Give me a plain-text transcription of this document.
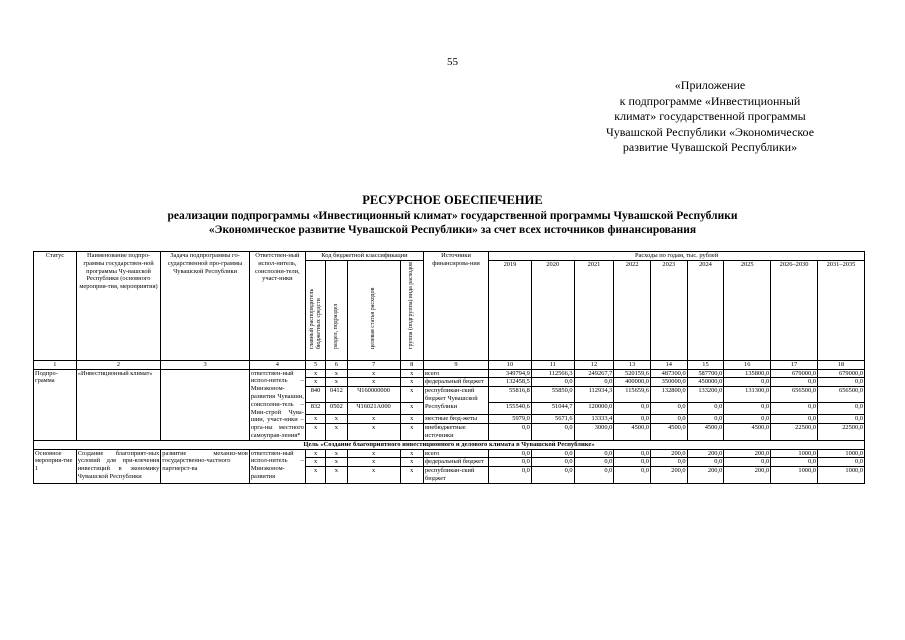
55
«Приложение
к подпрограмме «Инвестиционный
климат» государственной программы
Чувашской Республики «Экономическое
развитие Чувашской Республики»
РЕСУРСНОЕ ОБЕСПЕЧЕНИЕ
реализации подпрограммы «Инвестиционный климат» государственной программы Чувашской Республики
«Экономическое развитие Чувашской Республики» за счет всех источников финансирования
Статус	Наименование подпро-граммы государствен-ной программы Чу-вашской Республики (основного мероприя-тия, мероприятия)	Задача подпрограммы го-сударственной про-граммы Чувашской Республики	Ответствен-ный испол-нитель, соисполни-тели, участ-ники	Код бюджетной классификации				Источники финансирова-ния	Расходы по годам, тыс. рублей								

				главный распорядитель бюджетных средств	раздел, подраздел	целевая статья расходов	группа (подгруппа) вида расходов		2019	2020	2021	2022	2023	2024	2025	2026–2030	2031–2035
1	2	3	4	5	6	7	8	9	10	11	12	13	14	15	16	17	18
Подпро-грамма	«Инвестиционный климат»		ответствен-ный испол-нитель – Минэконом-развития Чувашии, соисполни-тель – Мин-строй Чува-шии, участ-ники – орга-ны местного самоуправ-ления*	x	x	x	x	всего	349794,9	112566,3	249267,7	520159,6	487300,0	587700,0	135800,0	679000,0	679000,0
				x	x	x	x	федеральный бюджет	132458,5	0,0	0,0	400000,0	350000,0	450000,0	0,0	0,0	0,0
				840	0412	Ч160000000	x	республикан-ский бюджет Чувашской Республики	55816,8	55850,0	112934,3	115659,6	132800,0	133200,0	131300,0	656500,0	656500,0
				832	0502	Ч16021A000	x		155540,6	51044,7	120000,0	0,0	0,0	0,0	0,0	0,0	0,0
				x	x	x	x	местные бюд-жеты	5979,0	5671,6	13333,4	0,0	0,0	0,0	0,0	0,0	0,0
				x	x	x	x	внебюджетные источники	0,0	0,0	3000,0	4500,0	4500,0	4500,0	4500,0	22500,0	22500,0
Цель «Создание благоприятного инвестиционного и делового климата в Чувашской Республике»																	
Основное мероприя-тие 1	Создание благоприят-ных условий для при-влечения инвестиций в экономику Чувашской Республики	развитие механиз-мов государственно-частного партнерст-ва	ответствен-ный испол-нитель – Минэконом-развития	x	x	x	x	всего	0,0	0,0	0,0	0,0	200,0	200,0	200,0	1000,0	1000,0
				x	x	x	x	федеральный бюджет	0,0	0,0	0,0	0,0	0,0	0,0	0,0	0,0	0,0
				x	x	x	x	республикан-ский бюджет	0,0	0,0	0,0	0,0	200,0	200,0	200,0	1000,0	1000,0
